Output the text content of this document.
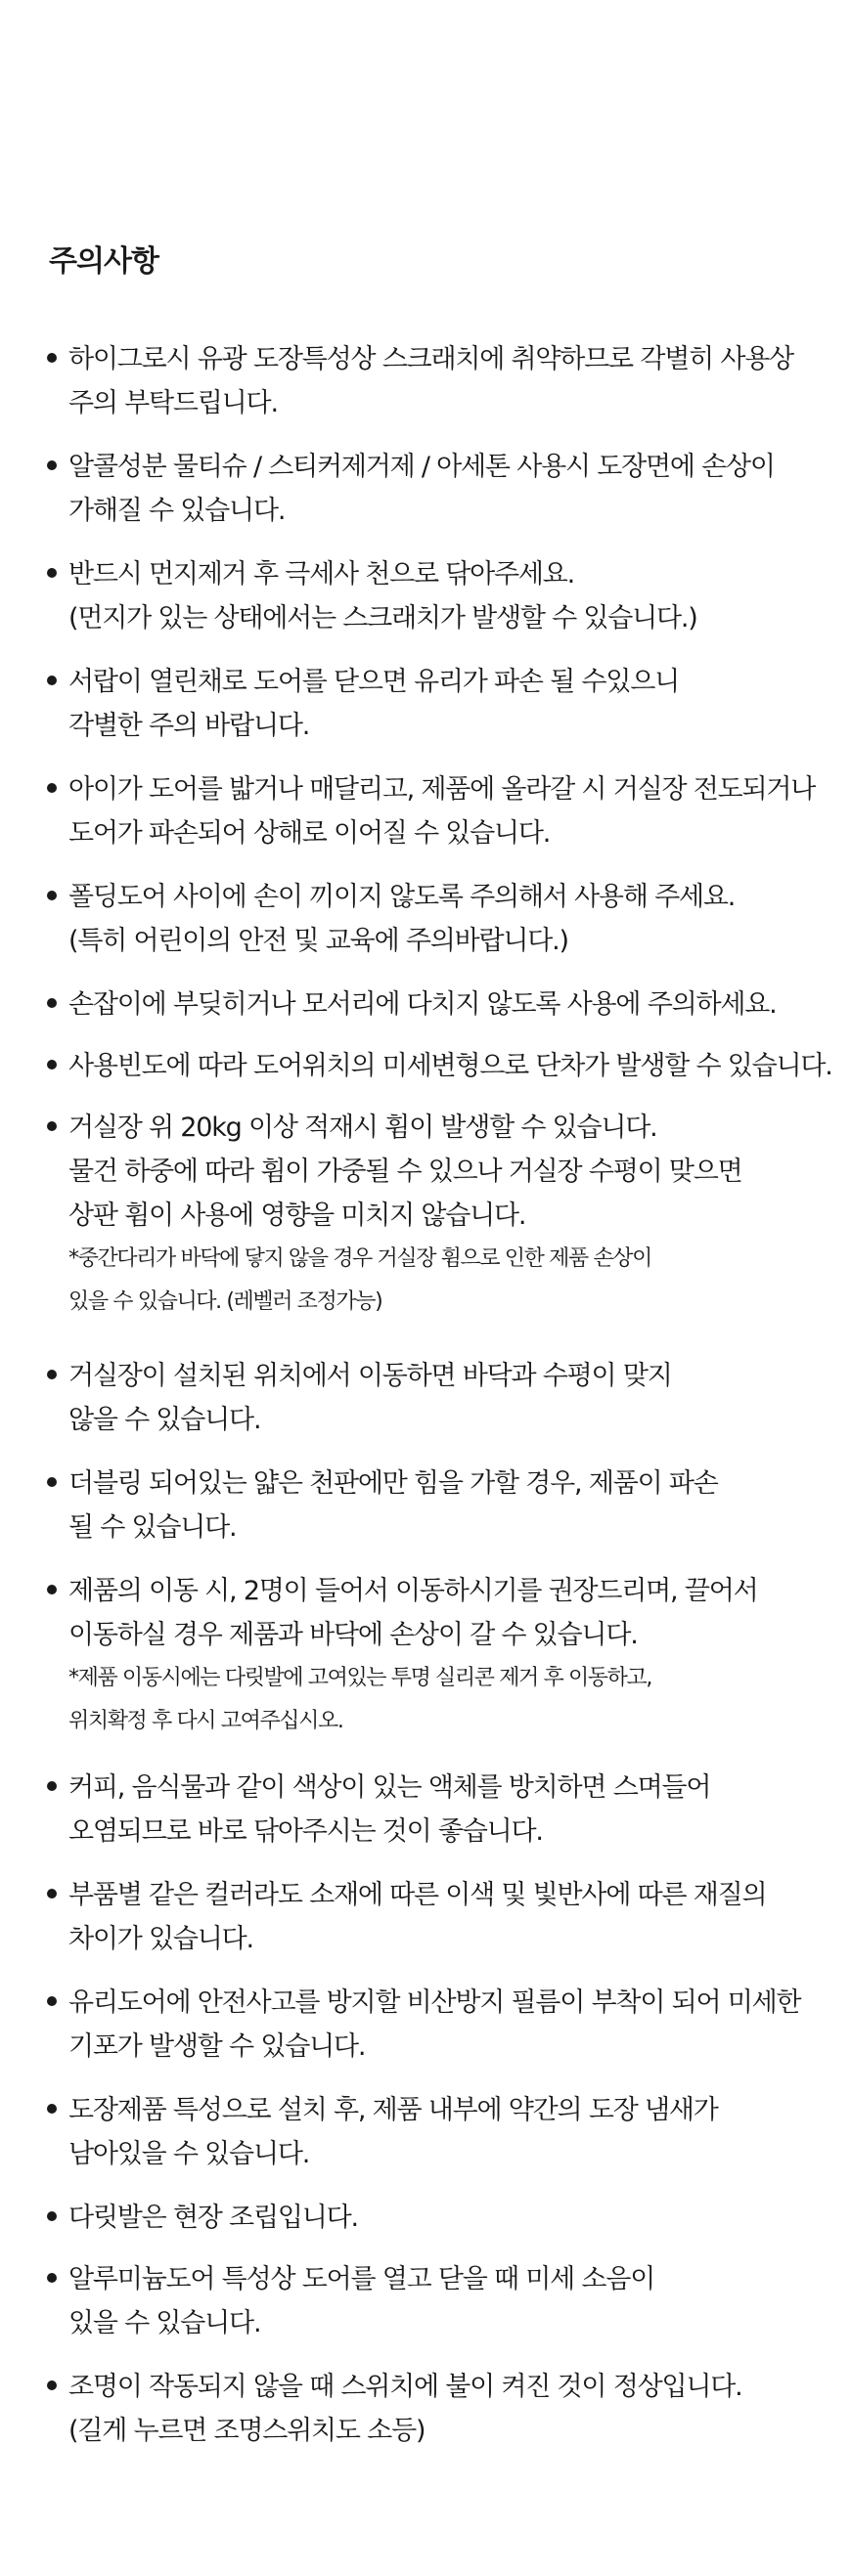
주의사항
하이그로시 유광 도장특성상 스크래치에 취약하므로 각별히 사용상
주의 부탁드립니다.
알콜성분 물티슈 / 스티커제거제 / 아세톤 사용시 도장면에 손상이
가해질 수 있습니다.
반드시 먼지제거 후 극세사 천으로 닦아주세요.
(먼지가 있는 상태에서는 스크래치가 발생할 수 있습니다.)
서랍이 열린채로 도어를 닫으면 유리가 파손 될 수있으니
각별한 주의 바랍니다.
아이가 도어를 밟거나 매달리고, 제품에 올라갈 시 거실장 전도되거나
도어가 파손되어 상해로 이어질 수 있습니다.
폴딩도어 사이에 손이 끼이지 않도록 주의해서 사용해 주세요.
(특히 어린이의 안전 및 교육에 주의바랍니다.)
손잡이에 부딪히거나 모서리에 다치지 않도록 사용에 주의하세요.
사용빈도에 따라 도어위치의 미세변형으로 단차가 발생할 수 있습니다.
거실장 위 20kg 이상 적재시 휨이 발생할 수 있습니다.
물건 하중에 따라 휨이 가중될 수 있으나 거실장 수평이 맞으면
상판 휨이 사용에 영향을 미치지 않습니다.
*중간다리가 바닥에 닿지 않을 경우 거실장 휨으로 인한 제품 손상이
있을 수 있습니다. (레벨러 조정가능)
거실장이 설치된 위치에서 이동하면 바닥과 수평이 맞지
않을 수 있습니다.
더블링 되어있는 얇은 천판에만 힘을 가할 경우, 제품이 파손
될 수 있습니다.
제품의 이동 시, 2명이 들어서 이동하시기를 권장드리며, 끌어서
이동하실 경우 제품과 바닥에 손상이 갈 수 있습니다.
*제품 이동시에는 다릿발에 고여있는 투명 실리콘 제거 후 이동하고,
위치확정 후 다시 고여주십시오.
커피, 음식물과 같이 색상이 있는 액체를 방치하면 스며들어
오염되므로 바로 닦아주시는 것이 좋습니다.
부품별 같은 컬러라도 소재에 따른 이색 및 빛반사에 따른 재질의
차이가 있습니다.
유리도어에 안전사고를 방지할 비산방지 필름이 부착이 되어 미세한
기포가 발생할 수 있습니다.
도장제품 특성으로 설치 후, 제품 내부에 약간의 도장 냄새가
남아있을 수 있습니다.
다릿발은 현장 조립입니다.
알루미늄도어 특성상 도어를 열고 닫을 때 미세 소음이
있을 수 있습니다.
조명이 작동되지 않을 때 스위치에 불이 켜진 것이 정상입니다.
(길게 누르면 조명스위치도 소등)
